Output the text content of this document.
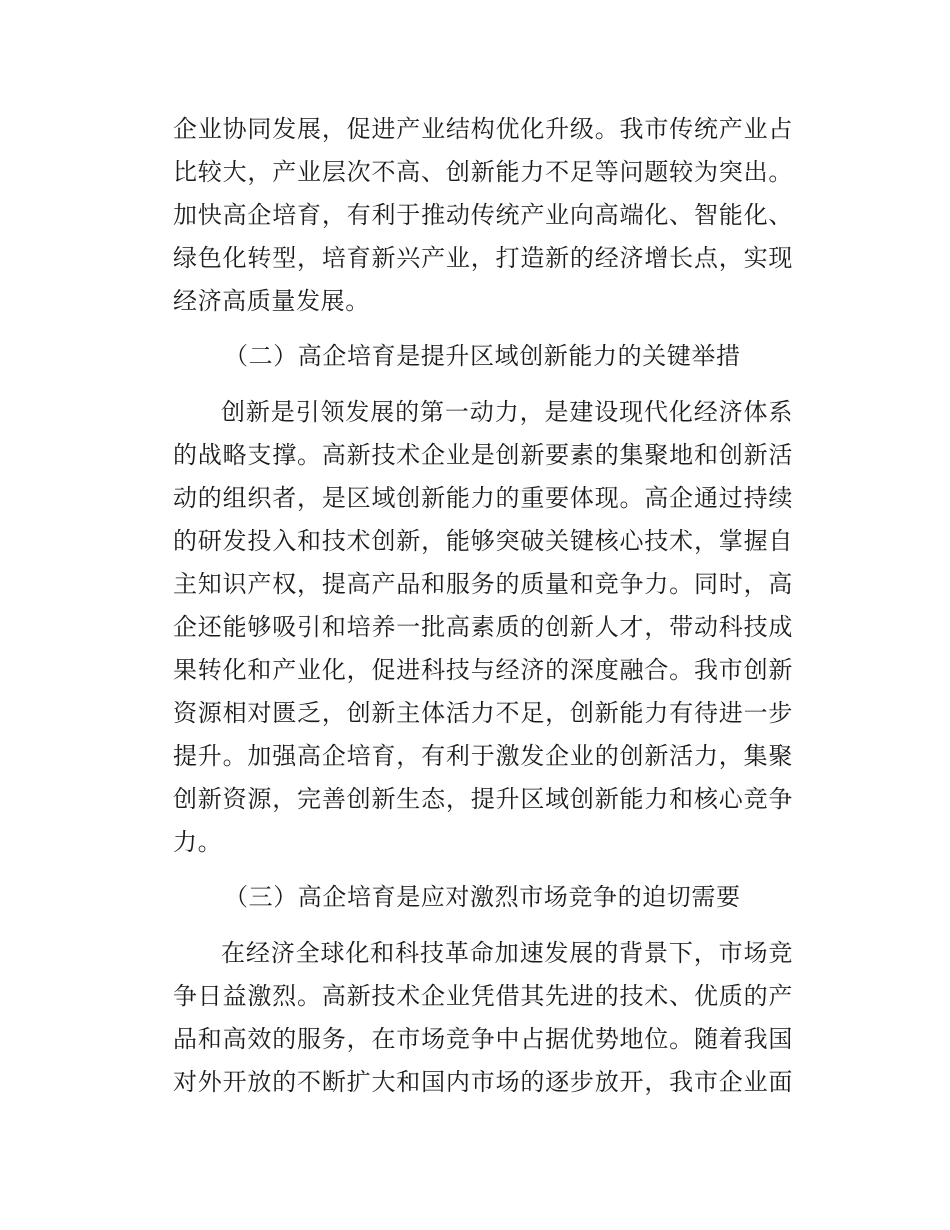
企业协同发展，促进产业结构优化升级。我市传统产业占
比较大，产业层次不高、创新能力不足等问题较为突出。
加快高企培育，有利于推动传统产业向高端化、智能化、
绿色化转型，培育新兴产业，打造新的经济增长点，实现
经济高质量发展。
（二）高企培育是提升区域创新能力的关键举措
创新是引领发展的第一动力，是建设现代化经济体系
的战略支撑。高新技术企业是创新要素的集聚地和创新活
动的组织者，是区域创新能力的重要体现。高企通过持续
的研发投入和技术创新，能够突破关键核心技术，掌握自
主知识产权，提高产品和服务的质量和竞争力。同时，高
企还能够吸引和培养一批高素质的创新人才，带动科技成
果转化和产业化，促进科技与经济的深度融合。我市创新
资源相对匮乏，创新主体活力不足，创新能力有待进一步
提升。加强高企培育，有利于激发企业的创新活力，集聚
创新资源，完善创新生态，提升区域创新能力和核心竞争
力。
（三）高企培育是应对激烈市场竞争的迫切需要
在经济全球化和科技革命加速发展的背景下，市场竞
争日益激烈。高新技术企业凭借其先进的技术、优质的产
品和高效的服务，在市场竞争中占据优势地位。随着我国
对外开放的不断扩大和国内市场的逐步放开，我市企业面
